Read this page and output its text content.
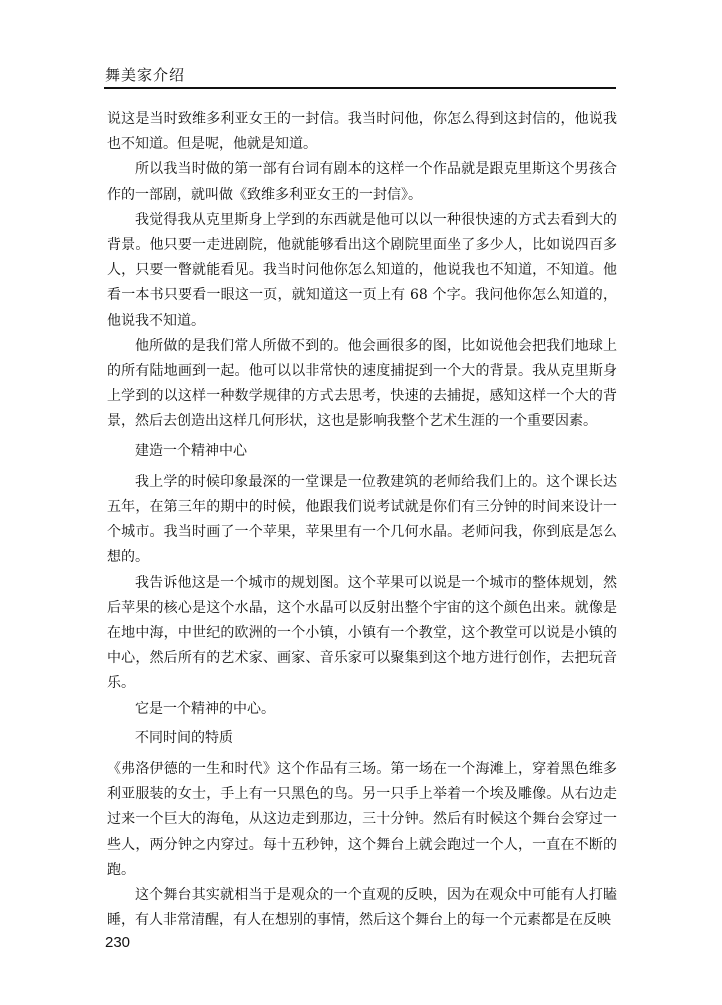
舞美家介绍

说这是当时致维多利亚女王的一封信。我当时问他，你怎么得到这封信的，他说我也不知道。但是呢，他就是知道。

所以我当时做的第一部有台词有剧本的这样一个作品就是跟克里斯这个男孩合作的一部剧，就叫做《致维多利亚女王的一封信》。

我觉得我从克里斯身上学到的东西就是他可以以一种很快速的方式去看到大的背景。他只要一走进剧院，他就能够看出这个剧院里面坐了多少人，比如说四百多人，只要一瞥就能看见。我当时问他你怎么知道的，他说我也不知道，不知道。他看一本书只要看一眼这一页，就知道这一页上有 68 个字。我问他你怎么知道的，他说我不知道。

他所做的是我们常人所做不到的。他会画很多的图，比如说他会把我们地球上的所有陆地画到一起。他可以以非常快的速度捕捉到一个大的背景。我从克里斯身上学到的以这样一种数学规律的方式去思考，快速的去捕捉，感知这样一个大的背景，然后去创造出这样几何形状，这也是影响我整个艺术生涯的一个重要因素。

建造一个精神中心

我上学的时候印象最深的一堂课是一位教建筑的老师给我们上的。这个课长达五年，在第三年的期中的时候，他跟我们说考试就是你们有三分钟的时间来设计一个城市。我当时画了一个苹果，苹果里有一个几何水晶。老师问我，你到底是怎么想的。

我告诉他这是一个城市的规划图。这个苹果可以说是一个城市的整体规划，然后苹果的核心是这个水晶，这个水晶可以反射出整个宇宙的这个颜色出来。就像是在地中海，中世纪的欧洲的一个小镇，小镇有一个教堂，这个教堂可以说是小镇的中心，然后所有的艺术家、画家、音乐家可以聚集到这个地方进行创作，去把玩音乐。

它是一个精神的中心。

不同时间的特质

《弗洛伊德的一生和时代》这个作品有三场。第一场在一个海滩上，穿着黑色维多利亚服装的女士，手上有一只黑色的鸟。另一只手上举着一个埃及雕像。从右边走过来一个巨大的海龟，从这边走到那边，三十分钟。然后有时候这个舞台会穿过一些人，两分钟之内穿过。每十五秒钟，这个舞台上就会跑过一个人，一直在不断的跑。

这个舞台其实就相当于是观众的一个直观的反映，因为在观众中可能有人打瞌睡，有人非常清醒，有人在想别的事情，然后这个舞台上的每一个元素都是在反映

230
